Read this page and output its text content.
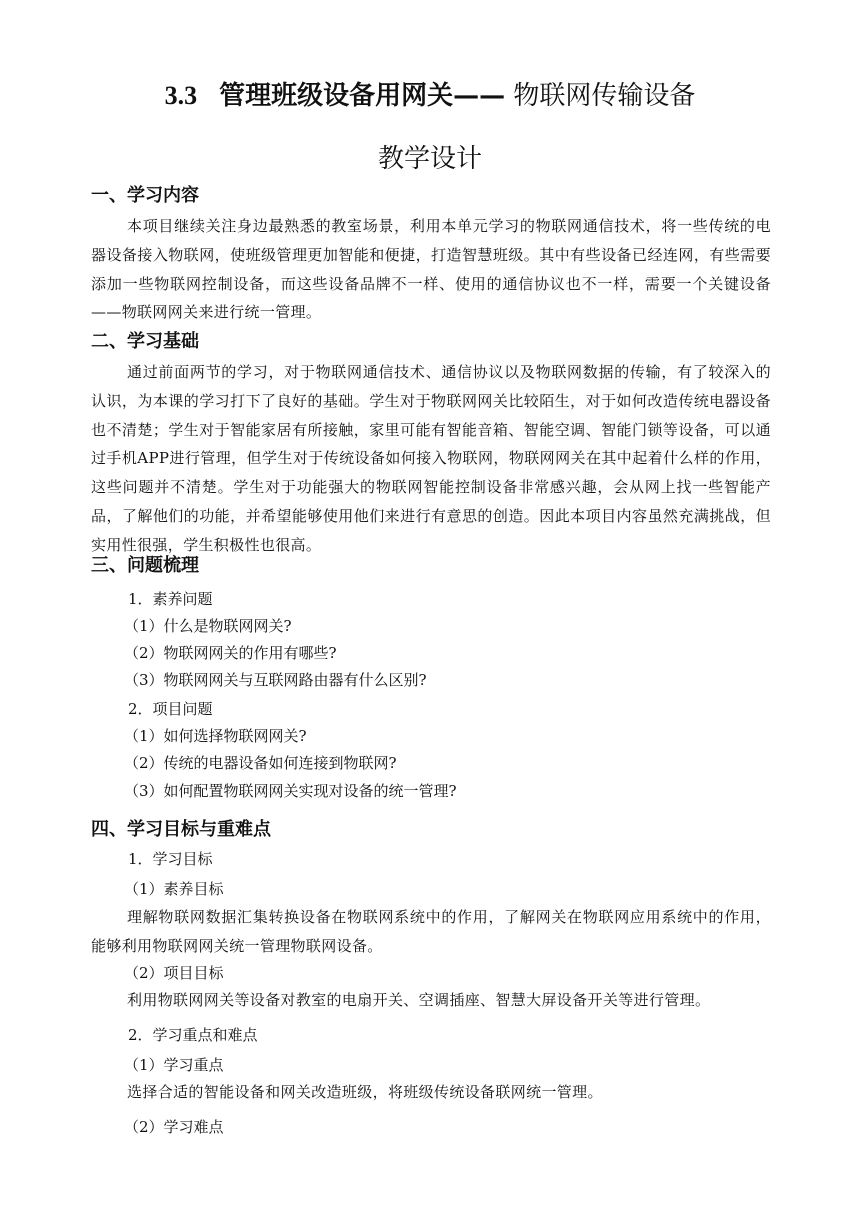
3.3 管理班级设备用网关—— 物联网传输设备
教学设计
一、学习内容

本项目继续关注身边最熟悉的教室场景，利用本单元学习的物联网通信技术，将一些传统的电器设备接入物联网，使班级管理更加智能和便捷，打造智慧班级。其中有些设备已经连网，有些需要添加一些物联网控制设备，而这些设备品牌不一样、使用的通信协议也不一样，需要一个关键设备——物联网网关来进行统一管理。

二、学习基础

通过前面两节的学习，对于物联网通信技术、通信协议以及物联网数据的传输，有了较深入的认识，为本课的学习打下了良好的基础。学生对于物联网网关比较陌生，对于如何改造传统电器设备也不清楚；学生对于智能家居有所接触，家里可能有智能音箱、智能空调、智能门锁等设备，可以通过手机APP进行管理，但学生对于传统设备如何接入物联网，物联网网关在其中起着什么样的作用，这些问题并不清楚。学生对于功能强大的物联网智能控制设备非常感兴趣，会从网上找一些智能产品，了解他们的功能，并希望能够使用他们来进行有意思的创造。因此本项目内容虽然充满挑战，但实用性很强，学生积极性也很高。

三、问题梳理
1．素养问题
（1）什么是物联网网关?
（2）物联网网关的作用有哪些?
（3）物联网网关与互联网路由器有什么区别?
2．项目问题
（1）如何选择物联网网关?
（2）传统的电器设备如何连接到物联网?
（3）如何配置物联网网关实现对设备的统一管理?
四、学习目标与重难点
1．学习目标
（1）素养目标

理解物联网数据汇集转换设备在物联网系统中的作用，了解网关在物联网应用系统中的作用，能够利用物联网网关统一管理物联网设备。

（2）项目目标

利用物联网网关等设备对教室的电扇开关、空调插座、智慧大屏设备开关等进行管理。

2．学习重点和难点
（1）学习重点

选择合适的智能设备和网关改造班级，将班级传统设备联网统一管理。

（2）学习难点
